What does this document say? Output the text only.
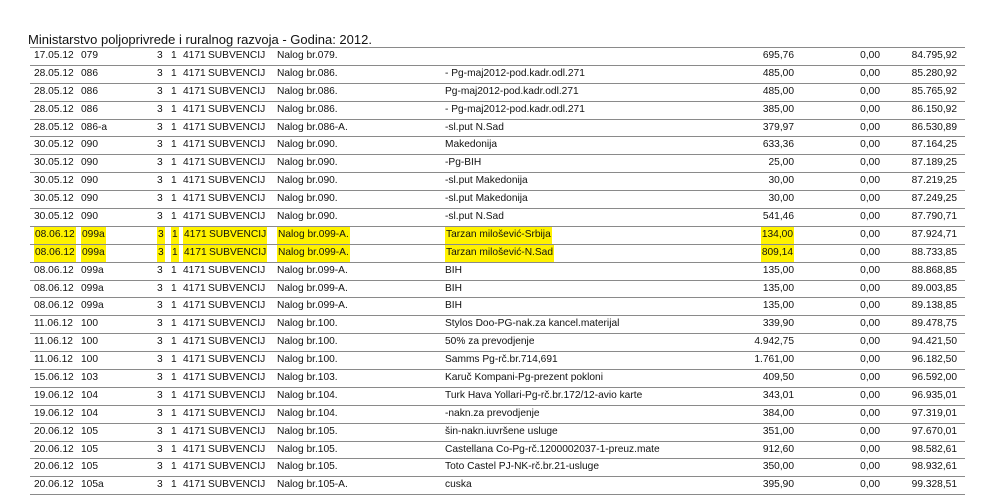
Ministarstvo poljoprivrede i ruralnog razvoja - Godina: 2012.
17.05.12 079	3 1 4171 SUBVENCIJ Nalog br.079.	695,76	0,00	84.795,92
28.05.12 086	3 1 4171 SUBVENCIJ Nalog br.086.	- Pg-maj2012-pod.kadr.odl.271	485,00	0,00	85.280,92
28.05.12 086	3 1 4171 SUBVENCIJ Nalog br.086.	Pg-maj2012-pod.kadr.odl.271	485,00	0,00	85.765,92
28.05.12 086	3 1 4171 SUBVENCIJ Nalog br.086.	- Pg-maj2012-pod.kadr.odl.271	385,00	0,00	86.150,92
28.05.12 086-a	3 1 4171 SUBVENCIJ Nalog br.086-A.	-sl.put N.Sad	379,97	0,00	86.530,89
30.05.12 090	3 1 4171 SUBVENCIJ Nalog br.090.	Makedonija	633,36	0,00	87.164,25
30.05.12 090	3 1 4171 SUBVENCIJ Nalog br.090.	-Pg-BIH	25,00	0,00	87.189,25
30.05.12 090	3 1 4171 SUBVENCIJ Nalog br.090.	-sl.put Makedonija	30,00	0,00	87.219,25
30.05.12 090	3 1 4171 SUBVENCIJ Nalog br.090.	-sl.put Makedonija	30,00	0,00	87.249,25
30.05.12 090	3 1 4171 SUBVENCIJ Nalog br.090.	-sl.put N.Sad	541,46	0,00	87.790,71
08.06.12 099a	3 1 4171 SUBVENCIJ Nalog br.099-A.	Tarzan milošević-Srbija	134,00	0,00	87.924,71
08.06.12 099a	3 1 4171 SUBVENCIJ Nalog br.099-A.	Tarzan milošević-N.Sad	809,14	0,00	88.733,85
08.06.12 099a	3 1 4171 SUBVENCIJ Nalog br.099-A.	BIH	135,00	0,00	88.868,85
08.06.12 099a	3 1 4171 SUBVENCIJ Nalog br.099-A.	BIH	135,00	0,00	89.003,85
08.06.12 099a	3 1 4171 SUBVENCIJ Nalog br.099-A.	BIH	135,00	0,00	89.138,85
11.06.12 100	3 1 4171 SUBVENCIJ Nalog br.100.	Stylos Doo-PG-nak.za kancel.materijal	339,90	0,00	89.478,75
11.06.12 100	3 1 4171 SUBVENCIJ Nalog br.100.	50% za prevodjenje	4.942,75	0,00	94.421,50
11.06.12 100	3 1 4171 SUBVENCIJ Nalog br.100.	Samms Pg-rč.br.714,691	1.761,00	0,00	96.182,50
15.06.12 103	3 1 4171 SUBVENCIJ Nalog br.103.	Karuč Kompani-Pg-prezent pokloni	409,50	0,00	96.592,00
19.06.12 104	3 1 4171 SUBVENCIJ Nalog br.104.	Turk Hava Yollari-Pg-rč.br.172/12-avio karte	343,01	0,00	96.935,01
19.06.12 104	3 1 4171 SUBVENCIJ Nalog br.104.	-nakn.za prevodjenje	384,00	0,00	97.319,01
20.06.12 105	3 1 4171 SUBVENCIJ Nalog br.105.	šin-nakn.iuvršene usluge	351,00	0,00	97.670,01
20.06.12 105	3 1 4171 SUBVENCIJ Nalog br.105.	Castellana Co-Pg-rč.1200002037-1-preuz.mate	912,60	0,00	98.582,61
20.06.12 105	3 1 4171 SUBVENCIJ Nalog br.105.	Toto Castel PJ-NK-rč.br.21-usluge	350,00	0,00	98.932,61
20.06.12 105a	3 1 4171 SUBVENCIJ Nalog br.105-A.	cuska	395,90	0,00	99.328,51
